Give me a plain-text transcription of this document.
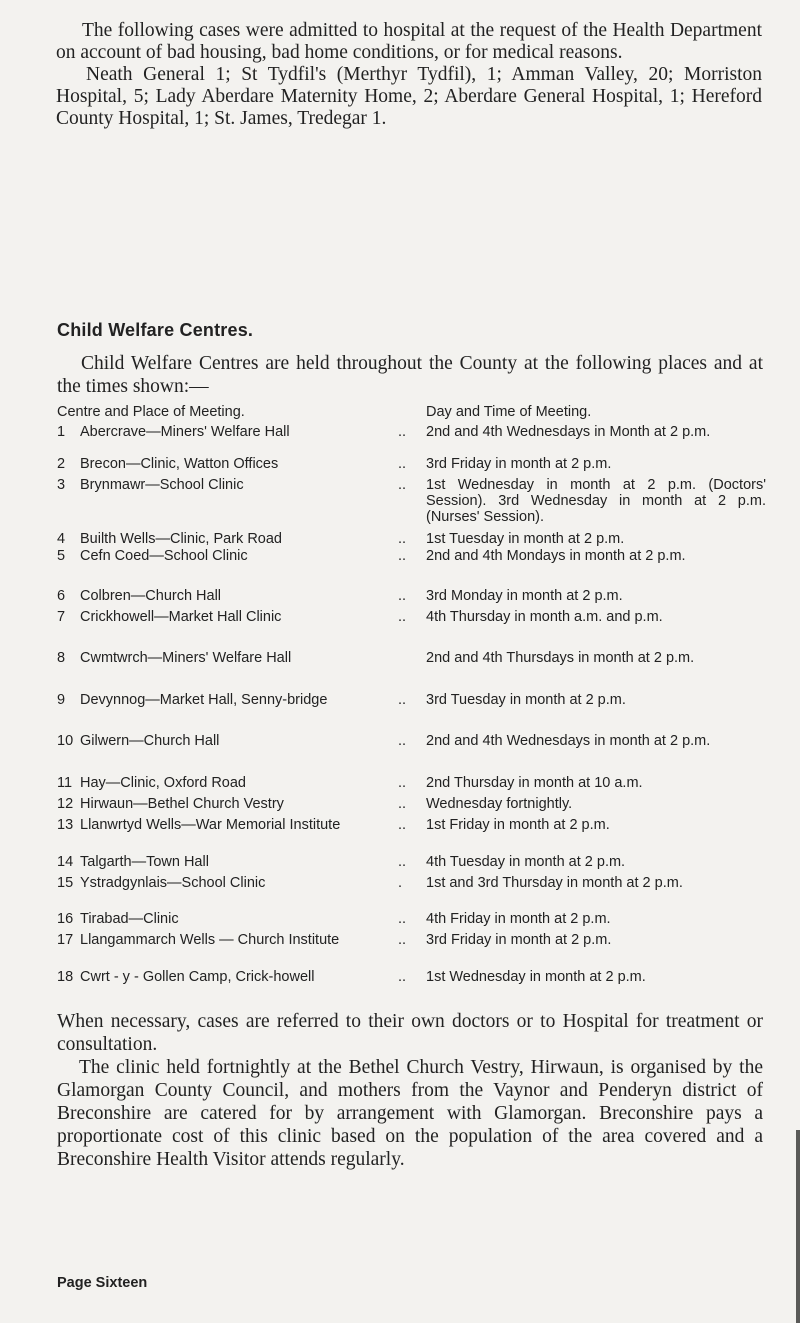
The following cases were admitted to hospital at the request of the Health Department on account of bad housing, bad home conditions, or for medical reasons.

Neath General 1; St Tydfil's (Merthyr Tydfil), 1; Amman Valley, 20; Morriston Hospital, 5; Lady Aberdare Maternity Home, 2; Aberdare General Hospital, 1; Hereford County Hospital, 1; St. James, Tredegar 1.

Child Welfare Centres.
Child Welfare Centres are held throughout the County at the following places and at the times shown:—
Centre and Place of Meeting.	Day and Time of Meeting.
1	Abercrave—Miners' Welfare Hall	..	2nd and 4th Wednesdays in Month at 2 p.m.
2	Brecon—Clinic, Watton Offices	..	3rd Friday in month at 2 p.m.
3	Brynmawr—School Clinic	..	1st Wednesday in month at 2 p.m. (Doctors' Session). 3rd Wednesday in month at 2 p.m. (Nurses' Session).
4	Builth Wells—Clinic, Park Road	..	1st Tuesday in month at 2 p.m.
5	Cefn Coed—School Clinic	..	2nd and 4th Mondays in month at 2 p.m.
6	Colbren—Church Hall	..	3rd Monday in month at 2 p.m.
7	Crickhowell—Market Hall Clinic	..	4th Thursday in month a.m. and p.m.
8	Cwmtwrch—Miners' Welfare Hall	2nd and 4th Thursdays in month at 2 p.m.
9	Devynnog—Market Hall, Senny-bridge	..	3rd Tuesday in month at 2 p.m.
10 Gilwern—Church Hall	..	2nd and 4th Wednesdays in month at 2 p.m.
11 Hay—Clinic, Oxford Road	..	2nd Thursday in month at 10 a.m.
12 Hirwaun—Bethel Church Vestry	..	Wednesday fortnightly.
13 Llanwrtyd Wells—War Memorial Institute	..	1st Friday in month at 2 p.m.
14 Talgarth—Town Hall	..	4th Tuesday in month at 2 p.m.
15 Ystradgynlais—School Clinic	.	1st and 3rd Thursday in month at 2 p.m.
16 Tirabad—Clinic	..	4th Friday in month at 2 p.m.
17 Llangammarch Wells — Church Institute	..	3rd Friday in month at 2 p.m.
18 Cwrt - y - Gollen Camp, Crick-howell	..	1st Wednesday in month at 2 p.m.

When necessary, cases are referred to their own doctors or to Hospital for treatment or consultation.

The clinic held fortnightly at the Bethel Church Vestry, Hirwaun, is organised by the Glamorgan County Council, and mothers from the Vaynor and Penderyn district of Breconshire are catered for by arrangement with Glamorgan. Breconshire pays a proportionate cost of this clinic based on the population of the area covered and a Breconshire Health Visitor attends regularly.

Page Sixteen
